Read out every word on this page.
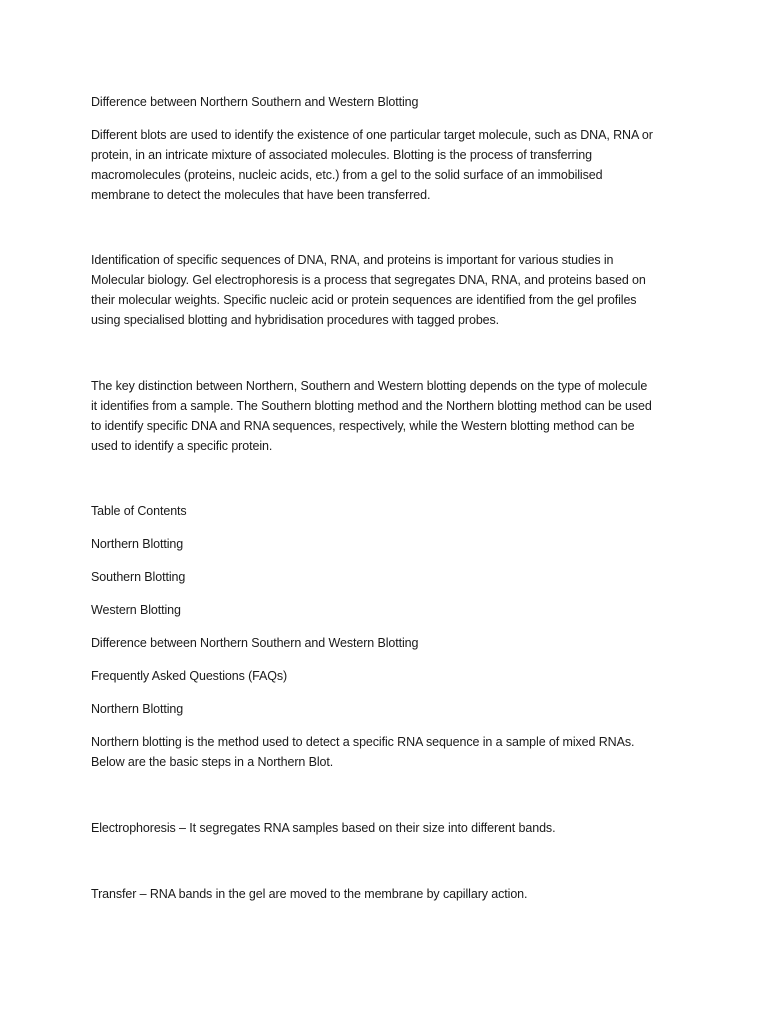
Difference between Northern Southern and Western Blotting
Different blots are used to identify the existence of one particular target molecule, such as DNA, RNA or
protein, in an intricate mixture of associated molecules. Blotting is the process of transferring
macromolecules (proteins, nucleic acids, etc.) from a gel to the solid surface of an immobilised
membrane to detect the molecules that have been transferred.
Identification of specific sequences of DNA, RNA, and proteins is important for various studies in
Molecular biology. Gel electrophoresis is a process that segregates DNA, RNA, and proteins based on
their molecular weights. Specific nucleic acid or protein sequences are identified from the gel profiles
using specialised blotting and hybridisation procedures with tagged probes.
The key distinction between Northern, Southern and Western blotting depends on the type of molecule
it identifies from a sample. The Southern blotting method and the Northern blotting method can be used
to identify specific DNA and RNA sequences, respectively, while the Western blotting method can be
used to identify a specific protein.
Table of Contents
Northern Blotting
Southern Blotting
Western Blotting
Difference between Northern Southern and Western Blotting
Frequently Asked Questions (FAQs)
Northern Blotting
Northern blotting is the method used to detect a specific RNA sequence in a sample of mixed RNAs.
Below are the basic steps in a Northern Blot.
Electrophoresis – It segregates RNA samples based on their size into different bands.
Transfer – RNA bands in the gel are moved to the membrane by capillary action.
